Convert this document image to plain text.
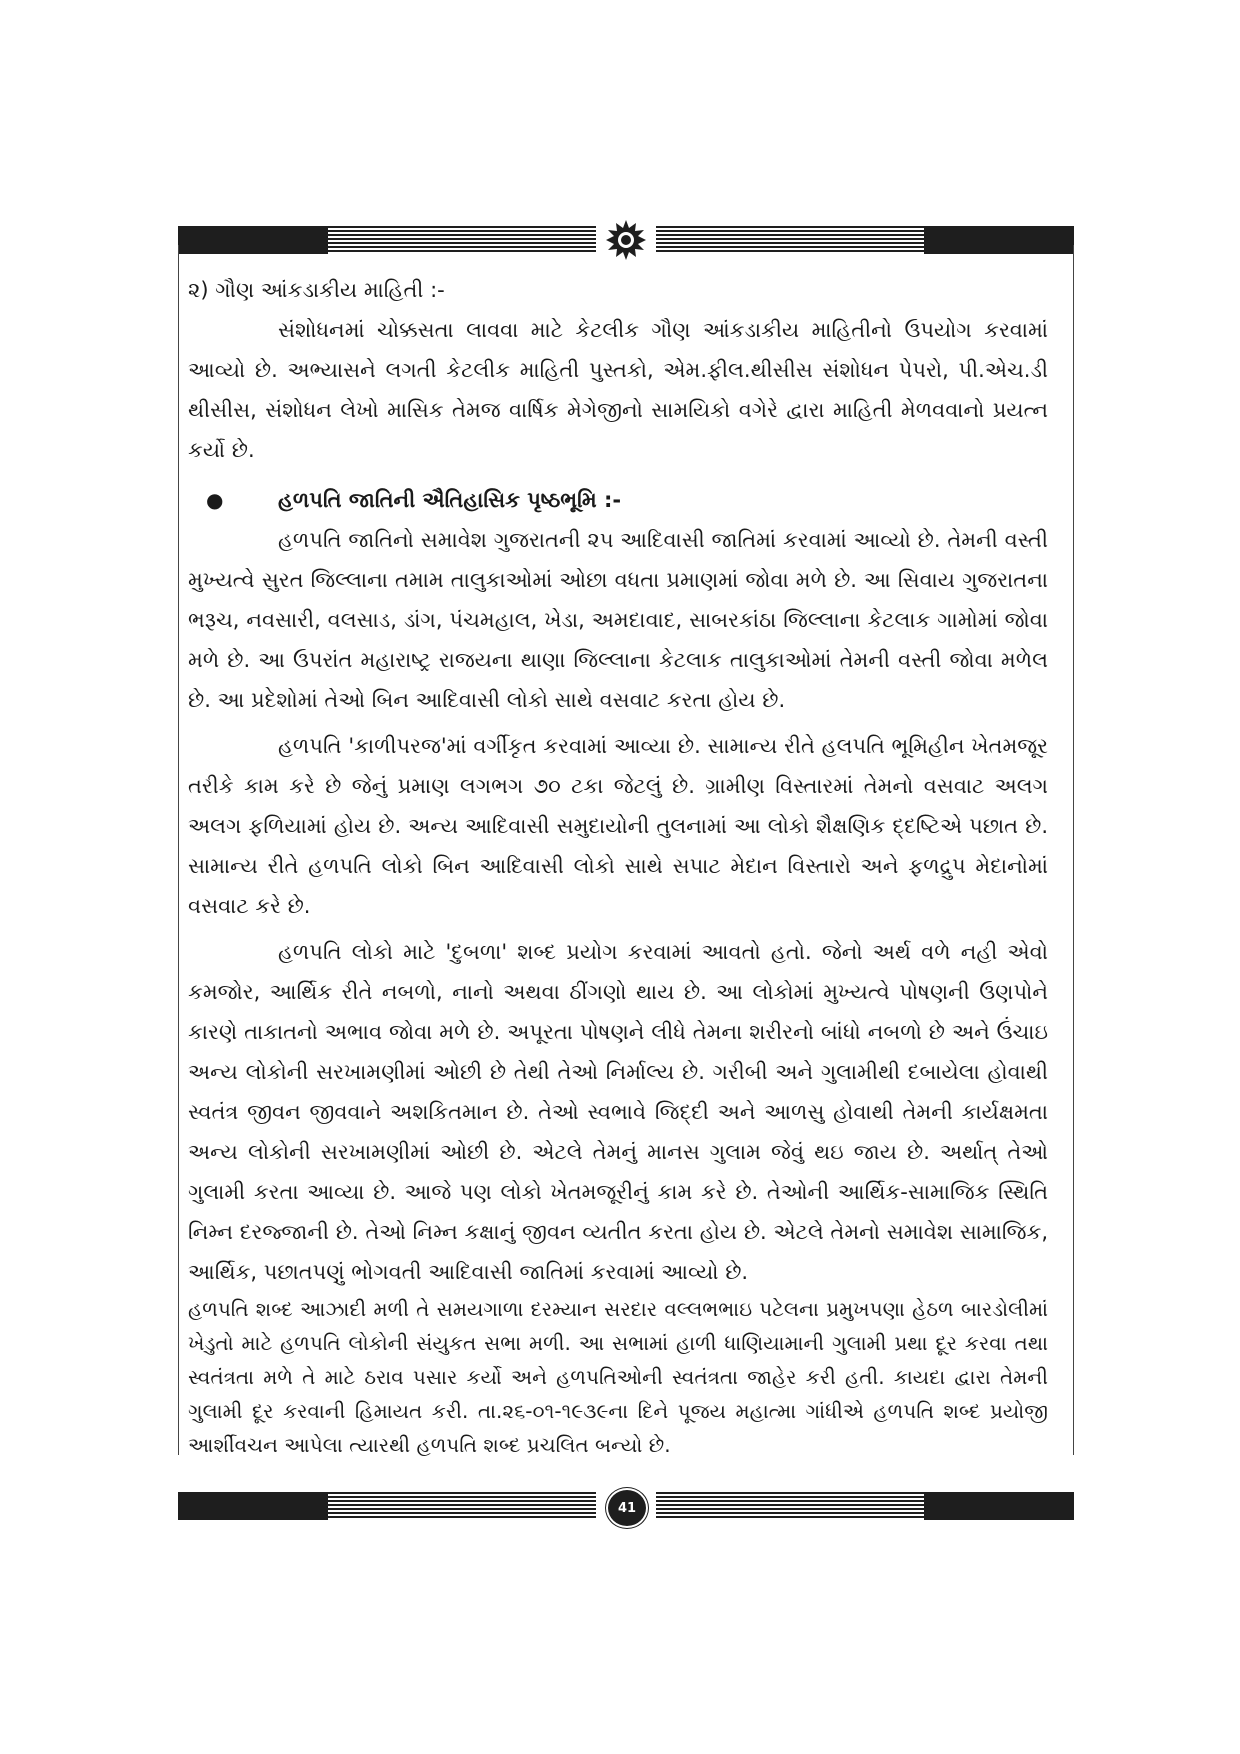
૨) ગૌણ આંકડાકીય માહિતી :-

સંશોધનમાં ચોક્કસતા લાવવા માટે કેટલીક ગૌણ આંકડાકીય માહિતીનો ઉપયોગ કરવામાં આવ્યો છે. અભ્યાસને લગતી કેટલીક માહિતી પુસ્તકો, એમ.ફીલ.થીસીસ સંશોધન પેપરો, પી.એચ.ડી થીસીસ, સંશોધન લેખો માસિક તેમજ વાર્ષિક મેગેજીનો સામયિકો વગેરે દ્વારા માહિતી મેળવવાનો પ્રયત્ન કર્યો છે.

●	હળપતિ જાતિની ઐતિહાસિક પૃષ્ઠભૂમિ :-

હળપતિ જાતિનો સમાવેશ ગુજરાતની ૨૫ આદિવાસી જાતિમાં કરવામાં આવ્યો છે. તેમની વસ્તી મુખ્યત્વે સુરત જિલ્લાના તમામ તાલુકાઓમાં ઓછા વધતા પ્રમાણમાં જોવા મળે છે. આ સિવાય ગુજરાતના ભરૂચ, નવસારી, વલસાડ, ડાંગ, પંચમહાલ, ખેડા, અમદાવાદ, સાબરકાંઠા જિલ્લાના કેટલાક ગામોમાં જોવા મળે છે. આ ઉપરાંત મહારાષ્ટ્ર રાજયના થાણા જિલ્લાના કેટલાક તાલુકાઓમાં તેમની વસ્તી જોવા મળેલ છે. આ પ્રદેશોમાં તેઓ બિન આદિવાસી લોકો સાથે વસવાટ કરતા હોય છે.

હળપતિ 'કાળીપરજ'માં વર્ગીકૃત કરવામાં આવ્યા છે. સામાન્ય રીતે હલપતિ ભૂમિહીન ખેતમજૂર તરીકે કામ કરે છે જેનું પ્રમાણ લગભગ ૭૦ ટકા જેટલું છે. ગ્રામીણ વિસ્તારમાં તેમનો વસવાટ અલગ અલગ ફળિયામાં હોય છે. અન્ય આદિવાસી સમુદાયોની તુલનામાં આ લોકો શૈક્ષણિક દ્દષ્ટિએ પછાત છે. સામાન્ય રીતે હળપતિ લોકો બિન આદિવાસી લોકો સાથે સપાટ મેદાન વિસ્તારો અને ફળદ્રુપ મેદાનોમાં વસવાટ કરે છે.

હળપતિ લોકો માટે 'દુબળા' શબ્દ પ્રયોગ કરવામાં આવતો હતો. જેનો અર્થ વળે નહી એવો કમજોર, આર્થિક રીતે નબળો, નાનો અથવા ઠીંગણો થાય છે. આ લોકોમાં મુખ્યત્વે પોષણની ઉણપોને કારણે તાકાતનો અભાવ જોવા મળે છે. અપૂરતા પોષણને લીધે તેમના શરીરનો બાંધો નબળો છે અને ઉંચાઇ અન્ય લોકોની સરખામણીમાં ઓછી છે તેથી તેઓ નિર્માલ્ય છે. ગરીબી અને ગુલામીથી દબાયેલા હોવાથી સ્વતંત્ર જીવન જીવવાને અશકિતમાન છે. તેઓ સ્વભાવે જિદ્દી અને આળસુ હોવાથી તેમની કાર્યક્ષમતા અન્ય લોકોની સરખામણીમાં ઓછી છે. એટલે તેમનું માનસ ગુલામ જેવું થઇ જાય છે. અર્થાત્ તેઓ ગુલામી કરતા આવ્યા છે. આજે પણ લોકો ખેતમજૂરીનું કામ કરે છે. તેઓની આર્થિક-સામાજિક સ્થિતિ નિમ્ન દરજ્જાની છે. તેઓ નિમ્ન કક્ષાનું જીવન વ્યતીત કરતા હોય છે. એટલે તેમનો સમાવેશ સામાજિક, આર્થિક, પછાતપણું ભોગવતી આદિવાસી જાતિમાં કરવામાં આવ્યો છે.

હળપતિ શબ્દ આઝાદી મળી તે સમયગાળા દરમ્યાન સરદાર વલ્લભભાઇ પટેલના પ્રમુખપણા હેઠળ બારડોલીમાં ખેડુતો માટે હળપતિ લોકોની સંયુકત સભા મળી. આ સભામાં હાળી ધાણિયામાની ગુલામી પ્રથા દૂર કરવા તથા સ્વતંત્રતા મળે તે માટે ઠરાવ પસાર કર્યો અને હળપતિઓની સ્વતંત્રતા જાહેર કરી હતી. કાયદા દ્વારા તેમની ગુલામી દૂર કરવાની હિમાયત કરી. તા.૨૬-૦૧-૧૯૩૯ના દિને પૂજય મહાત્મા ગાંધીએ હળપતિ શબ્દ પ્રયોજી આર્શીવચન આપેલા ત્યારથી હળપતિ શબ્દ પ્રચલિત બન્યો છે.

41
